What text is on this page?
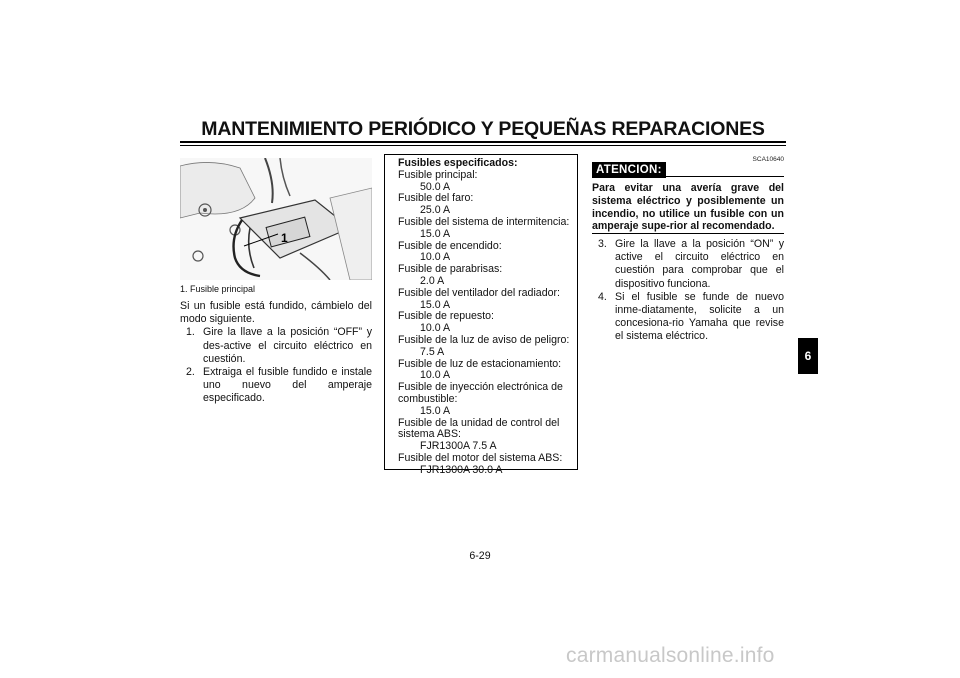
MANTENIMIENTO PERIÓDICO Y PEQUEÑAS REPARACIONES
1
1. Fusible principal

Si un fusible está fundido, cámbielo del modo siguiente.

1. Gire la llave a la posición “OFF” y des-active el circuito eléctrico en cuestión.
2. Extraiga el fusible fundido e instale uno nuevo del amperaje especificado.
Fusibles especificados:
Fusible principal:
50.0 A
Fusible del faro:
25.0 A
Fusible del sistema de intermitencia:
15.0 A
Fusible de encendido:
10.0 A
Fusible de parabrisas:
2.0 A
Fusible del ventilador del radiador:
15.0 A
Fusible de repuesto:
10.0 A
Fusible de la luz de aviso de peligro:
7.5 A
Fusible de luz de estacionamiento:
10.0 A
Fusible de inyección electrónica de combustible:
15.0 A
Fusible de la unidad de control del sistema ABS:
FJR1300A 7.5 A
Fusible del motor del sistema ABS:
FJR1300A 30.0 A
SCA10640
ATENCION:
Para evitar una avería grave del sistema eléctrico y posiblemente un incendio, no utilice un fusible con un amperaje supe-rior al recomendado.
3. Gire la llave a la posición “ON” y active el circuito eléctrico en cuestión para comprobar que el dispositivo funciona.
4. Si el fusible se funde de nuevo inme-diatamente, solicite a un concesiona-rio Yamaha que revise el sistema eléctrico.
6
6-29
carmanualsonline.info
